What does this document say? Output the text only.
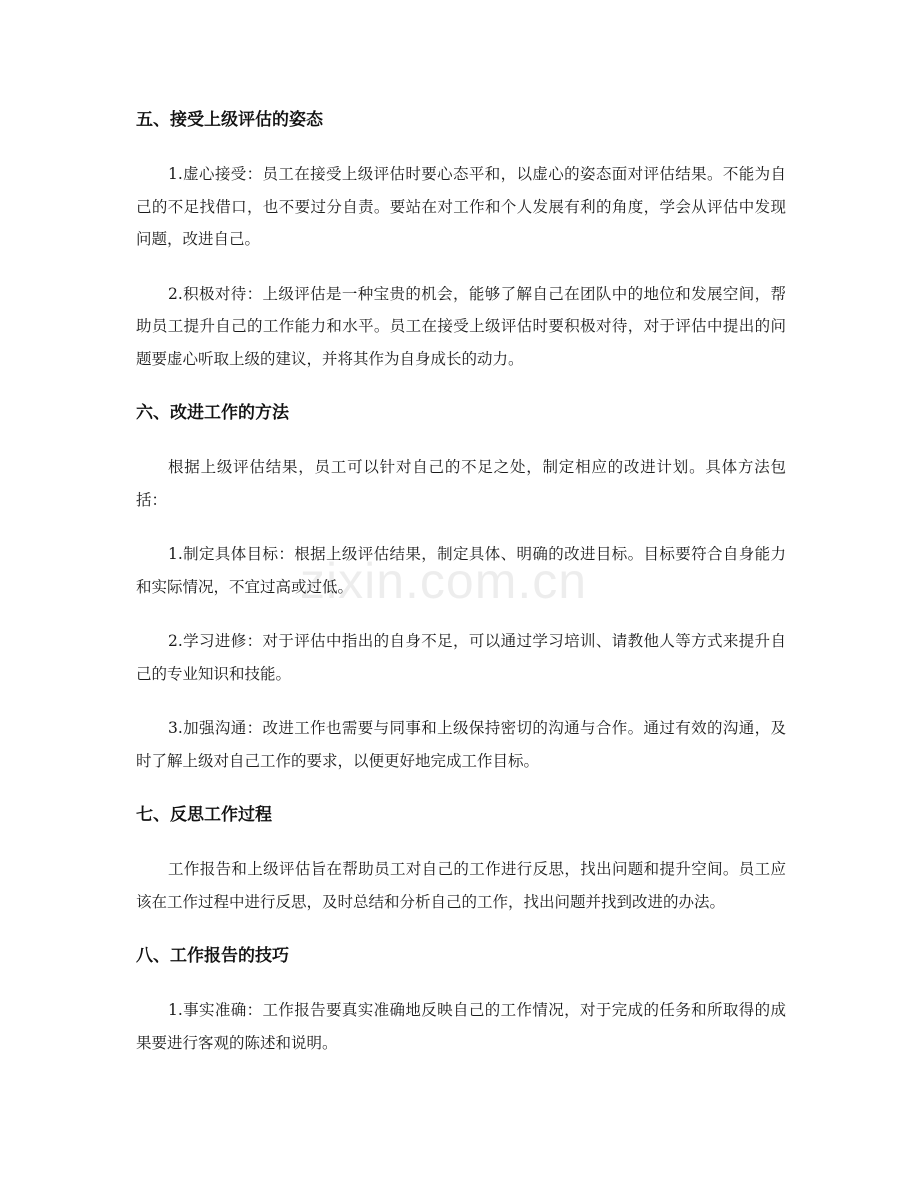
五、接受上级评估的姿态

1.虚心接受：员工在接受上级评估时要心态平和，以虚心的姿态面对评估结果。不能为自己的不足找借口，也不要过分自责。要站在对工作和个人发展有利的角度，学会从评估中发现问题，改进自己。

2.积极对待：上级评估是一种宝贵的机会，能够了解自己在团队中的地位和发展空间，帮助员工提升自己的工作能力和水平。员工在接受上级评估时要积极对待，对于评估中提出的问题要虚心听取上级的建议，并将其作为自身成长的动力。

六、改进工作的方法

根据上级评估结果，员工可以针对自己的不足之处，制定相应的改进计划。具体方法包括：

1.制定具体目标：根据上级评估结果，制定具体、明确的改进目标。目标要符合自身能力和实际情况，不宜过高或过低。

2.学习进修：对于评估中指出的自身不足，可以通过学习培训、请教他人等方式来提升自己的专业知识和技能。

3.加强沟通：改进工作也需要与同事和上级保持密切的沟通与合作。通过有效的沟通，及时了解上级对自己工作的要求，以便更好地完成工作目标。

七、反思工作过程

工作报告和上级评估旨在帮助员工对自己的工作进行反思，找出问题和提升空间。员工应该在工作过程中进行反思，及时总结和分析自己的工作，找出问题并找到改进的办法。

八、工作报告的技巧

1.事实准确：工作报告要真实准确地反映自己的工作情况，对于完成的任务和所取得的成果要进行客观的陈述和说明。

zixin.com.cn
